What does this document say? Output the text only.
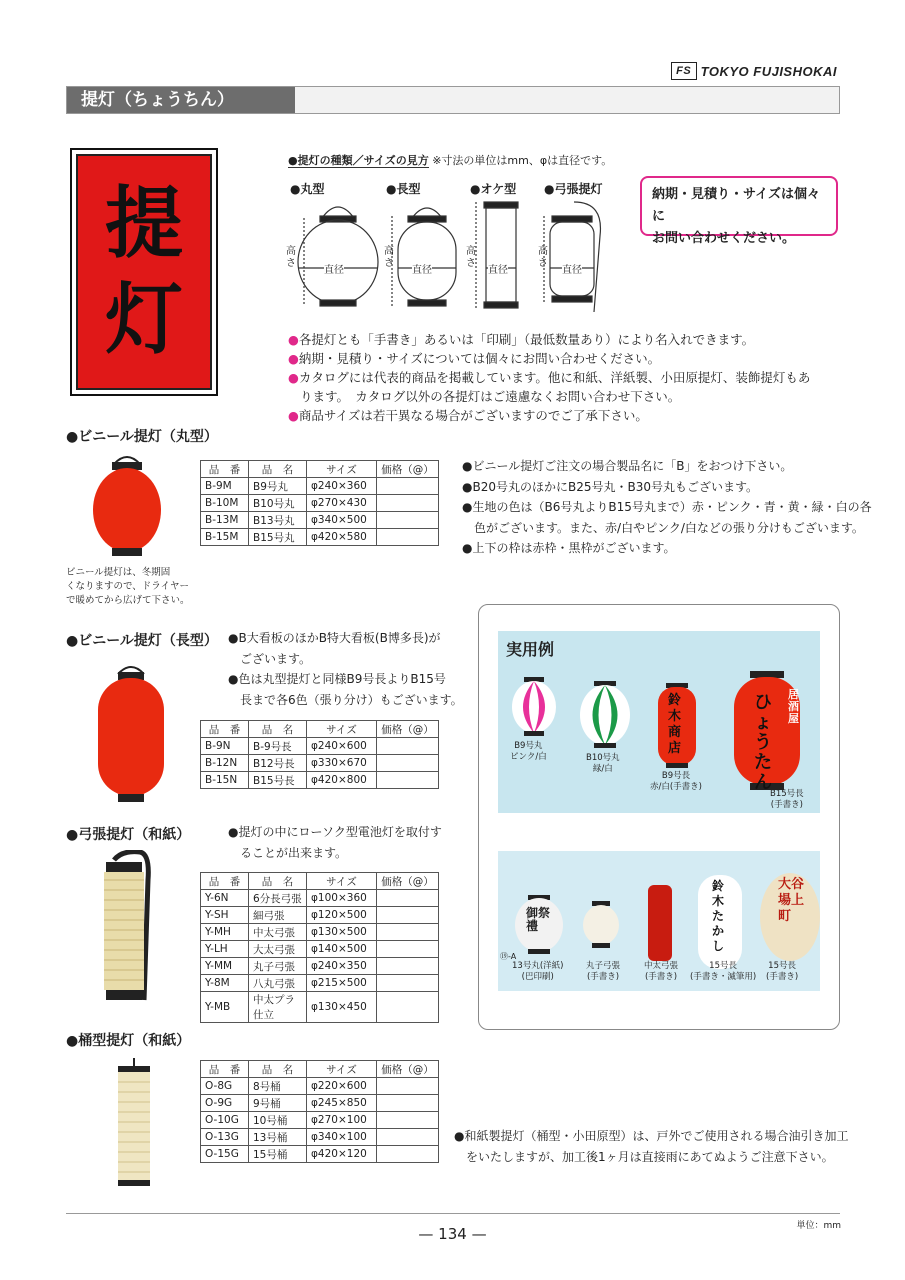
FS TOKYO FUJISHOKAI
提灯（ちょうちん）
提
灯
●提灯の種類／サイズの見方 ※寸法の単位はmm、φは直径です。
●丸型	●長型	●オケ型 ●弓張提灯
高さ
高さ
高さ
高さ
直径	直径	直径	直径
納期・見積り・サイズは個々に
お問い合わせください。
●各提灯とも「手書き」あるいは「印刷」（最低数量あり）により名入れできます。
●納期・見積り・サイズについては個々にお問い合わせください。
●カタログには代表的商品を掲載しています。他に和紙、洋紙製、小田原提灯、装飾提灯もあ
ります。　カタログ以外の各提灯はご遠慮なくお問い合わせ下さい。
●商品サイズは若干異なる場合がございますのでご了承下さい。
●ビニール提灯（丸型）
品　番	品　名	サイズ	価格（@）
B-9M	B9号丸	φ240×360	
B-10M	B10号丸	φ270×430	
B-13M	B13号丸	φ340×500	
B-15M	B15号丸	φ420×580	
●ビニール提灯ご注文の場合製品名に「B」をおつけ下さい。
●B20号丸のほかにB25号丸・B30号丸もございます。
●生地の色は（B6号丸よりB15号丸まで）赤・ピンク・青・黄・緑・白の各
　色がございます。また、赤/白やピンク/白などの張り分けもございます。
●上下の枠は赤枠・黒枠がございます。
ビニール提灯は、冬期固
くなりますので、ドライヤー
で暖めてから広げて下さい。
●ビニール提灯（長型） ●B大看板のほかB特大看板(B博多長)が
　ございます。
●色は丸型提灯と同様B9号長よりB15号
　長まで各6色（張り分け）もございます。
品　番	品　名	サイズ	価格（@）
B-9N	B-9号長	φ240×600	
B-12N	B12号長	φ330×670	
B-15N	B15号長	φ420×800	
●弓張提灯（和紙）	●提灯の中にローソク型電池灯を取付す
　ることが出来ます。
品　番	品　名	サイズ	価格（@）
Y-6N	6分長弓張	φ100×360	
Y-SH	細弓張	φ120×500	
Y-MH	中太弓張	φ130×500	
Y-LH	大太弓張	φ140×500	
Y-MM	丸子弓張	φ240×350	
Y-8M	八丸弓張	φ215×500	
Y-MB	中太プラ仕立	φ130×450	
●桶型提灯（和紙）
品　番	品　名	サイズ	価格（@）
O-8G	8号桶	φ220×600	
O-9G	9号桶	φ245×850	
O-10G	10号桶	φ270×100	
O-13G	13号桶	φ340×100	
O-15G	15号桶	φ420×120	
●和紙製提灯（桶型・小田原型）は、戸外でご使用される場合油引き加工
　をいたしますが、加工後1ヶ月は直接雨にあてぬようご注意下さい。
実用例
鈴木商店
居酒屋
ひょうたん
B9号丸
ピンク/白	B10号丸
緑/白
B9号長
赤/白(手書き)
B15号長
(手書き)
御祭禮
鈴木たかし
大谷場上町
⑲-A
13号丸(洋紙)
(巴印刷)
丸子弓張
(手書き)
中太弓張
(手書き)
15号長
(手書き・滅筆用)
15号長
(手書き)
— 134 —	単位：mm
